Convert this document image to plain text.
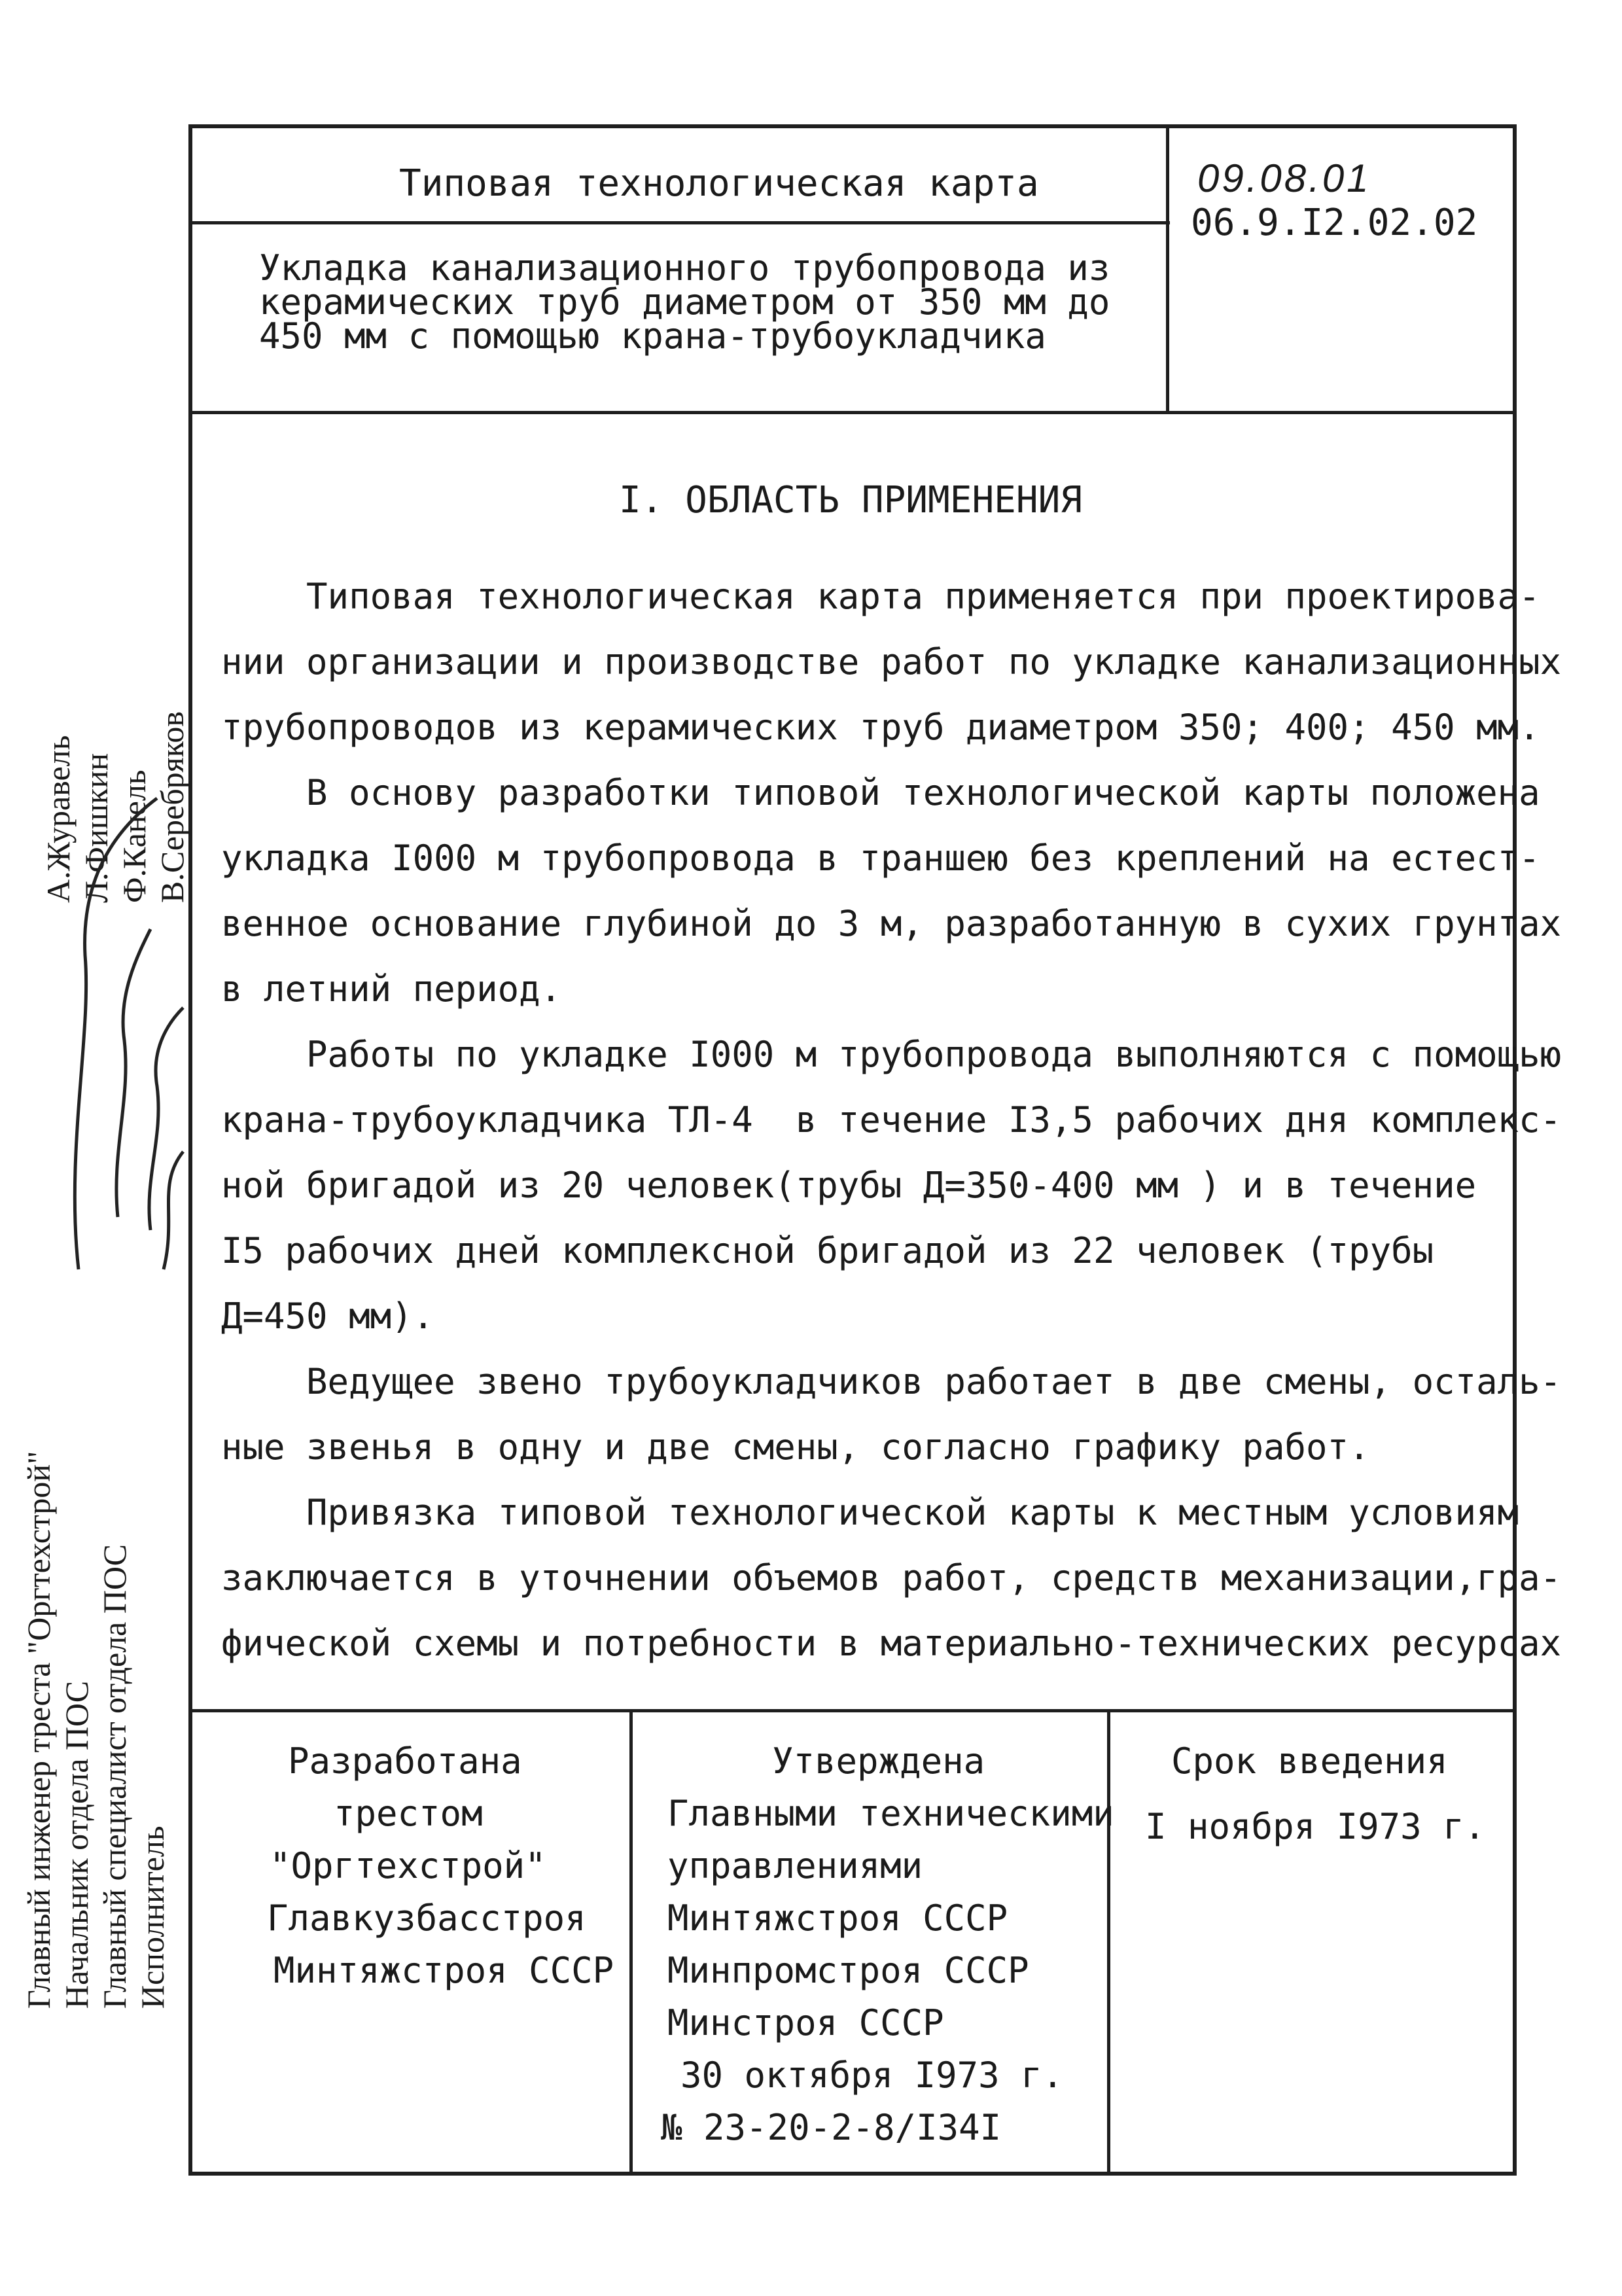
Типовая технологическая карта	09.08.01
06.9.I2.02.02
Укладка канализационного трубопровода из
керамических труб диаметром от 350 мм до
450 мм с помощью крана-трубоукладчика
А.Журавель Л.Фишкин Ф.Канель В.Серебряков
Главный инженер треста "Оргтехстрой" Начальник отдела ПОС Главный специалист отдела ПОС Исполнитель
I. ОБЛАСТЬ ПРИМЕНЕНИЯ
Типовая технологическая карта применяется при проектирова-
нии организации и производстве работ по укладке канализационных
трубопроводов из керамических труб диаметром 350; 400; 450 мм.
В основу разработки типовой технологической карты положена
укладка I000 м трубопровода в траншею без креплений на естест-
венное основание глубиной до 3 м, разработанную в сухих грунтах
в летний период.
Работы по укладке I000 м трубопровода выполняются с помощью
крана-трубоукладчика ТЛ-4  в течение I3,5 рабочих дня комплекс-
ной бригадой из 20 человек(трубы Д=350-400 мм ) и в течение
I5 рабочих дней комплексной бригадой из 22 человек (трубы
Д=450 мм).
Ведущее звено трубоукладчиков работает в две смены, осталь-
ные звенья в одну и две смены, согласно графику работ.
Привязка типовой технологической карты к местным условиям
заключается в уточнении объемов работ, средств механизации,гра-
фической схемы и потребности в материально-технических ресурсах
Разработана
трестом
"Оргтехстрой"
Главкузбасстроя
Минтяжстроя СССР
Утверждена
Главными техническими
управлениями
Минтяжстроя СССР
Минпромстроя СССР
Минстроя СССР
30 октября I973 г.
№ 23-20-2-8/I34I
Срок введения
I ноября I973 г.
